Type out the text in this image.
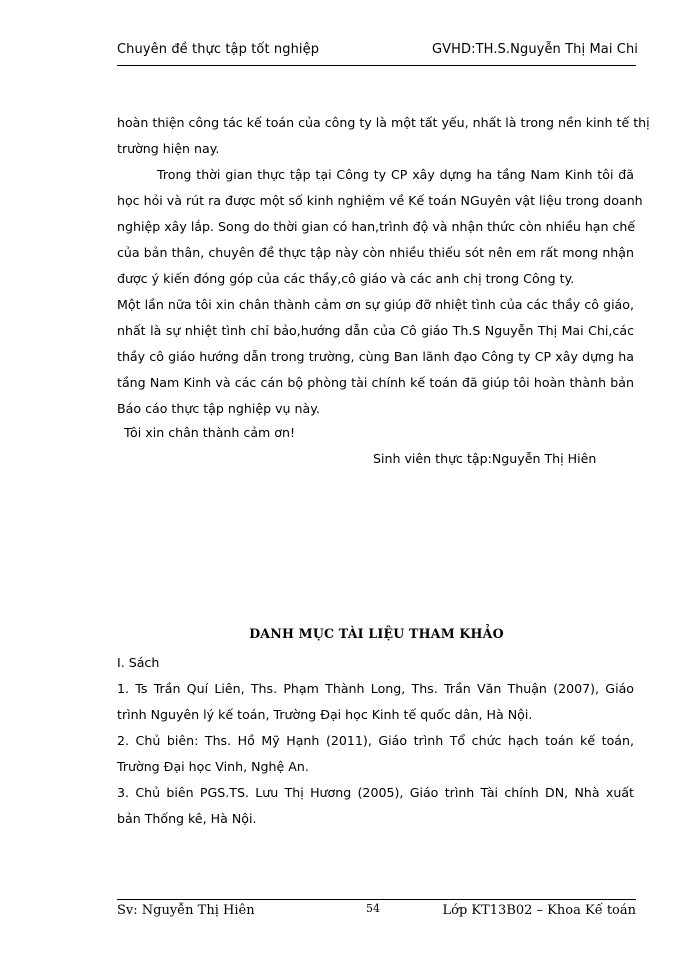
Chuyên đề thực tập tốt nghiệp	GVHD:TH.S.Nguyễn Thị Mai Chi
hoàn thiện công tác kế toán của công ty là một tất yếu, nhất là trong nền kinh tế thị
trường hiện nay.
Trong thời gian thực tập tại Công ty CP xây dựng ha tầng Nam Kinh tôi đã
học hỏi và rút ra được một số kinh nghiệm về Kế toán NGuyên vật liệu trong doanh
nghiệp xây lắp. Song do thời gian có han,trình độ và nhận thức còn nhiều hạn chế
của bản thân, chuyên đề thực tập này còn nhiều thiếu sót nên em rất mong nhận
được ý kiến đóng góp của các thầy,cô giáo và các anh chị trong Công ty.
Một lần nữa tôi xin chân thành cảm ơn sự giúp đỡ nhiệt tình của các thầy cô giáo,
nhất là sự nhiệt tình chỉ bảo,hướng dẫn của Cô giáo Th.S Nguyễn Thị Mai Chi,các
thầy cô giáo hướng dẫn trong trường, cùng Ban lãnh đạo Công ty CP xây dựng ha
tầng Nam Kinh và các cán bộ phòng tài chính kế toán đã giúp tôi hoàn thành bản
Báo cáo thực tập nghiệp vụ này.
Tôi xin chân thành cảm ơn!
Sinh viên thực tập:Nguyễn Thị Hiên
DANH MỤC TÀI LIỆU THAM KHẢO
I. Sách
1. Ts Trần Quí Liên, Ths. Phạm Thành Long, Ths. Trần Văn Thuận (2007), Giáo
trình Nguyên lý kế toán, Trường Đại học Kinh tế quốc dân, Hà Nội.
2. Chủ biên: Ths. Hồ Mỹ Hạnh (2011), Giáo trình Tổ chức hạch toán kế toán,
Trường Đại học Vinh, Nghệ An.
3. Chủ biên PGS.TS. Lưu Thị Hương (2005), Giáo trình Tài chính DN, Nhà xuất
bản Thống kê, Hà Nội.
Sv: Nguyễn Thị Hiên	54	Lớp KT13B02 – Khoa Kế toán
